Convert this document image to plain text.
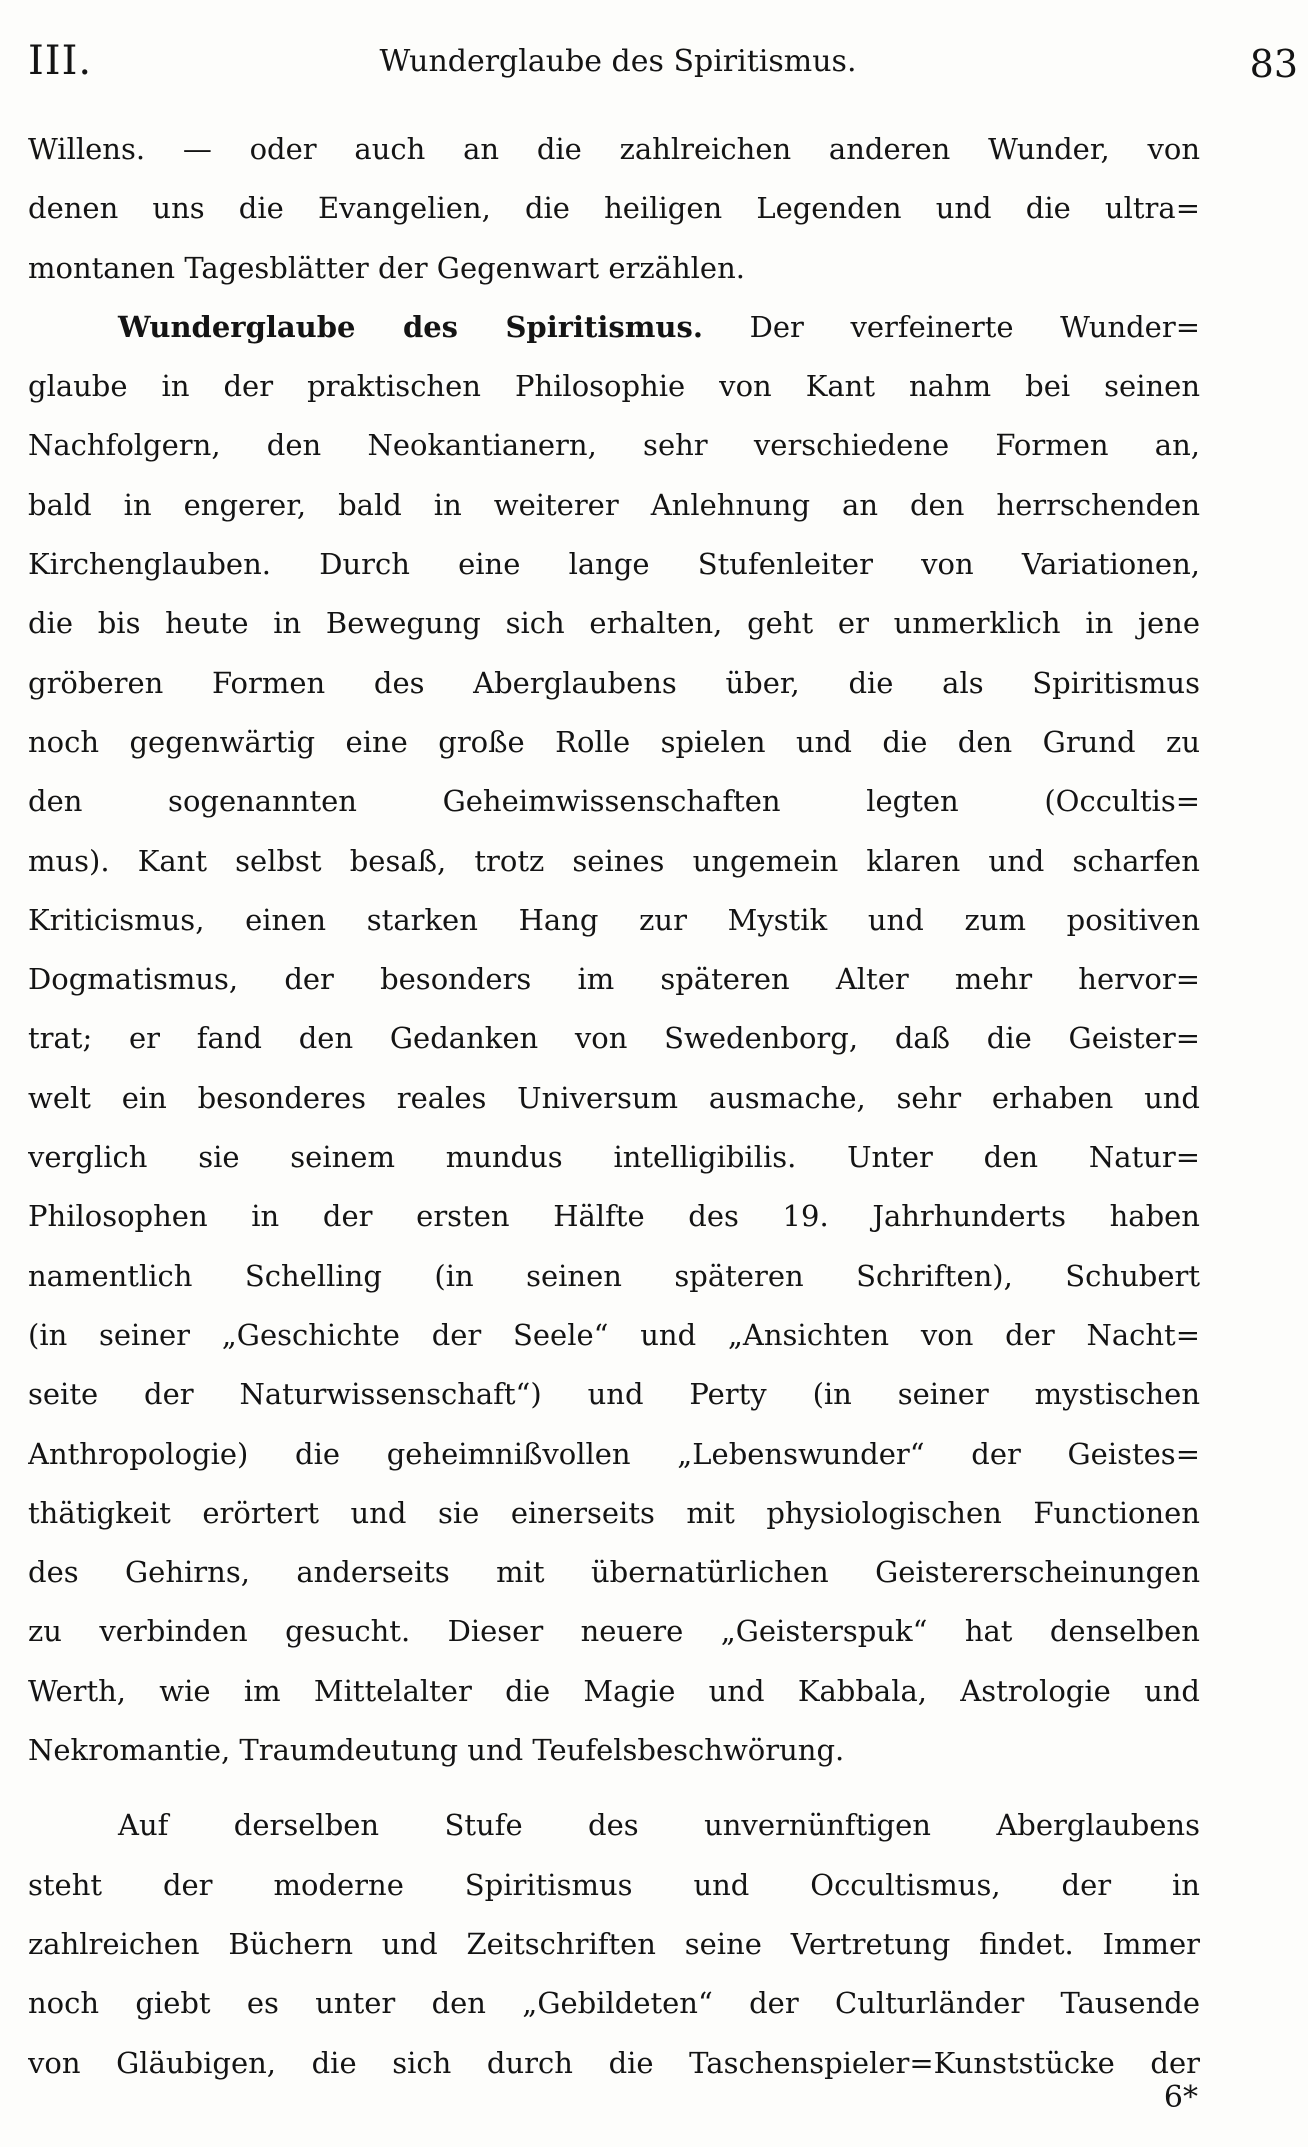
III.	Wunderglaube des Spiritismus.	83
Willens. — oder auch an die zahlreichen anderen Wunder, von
denen uns die Evangelien, die heiligen Legenden und die ultra=
montanen Tagesblätter der Gegenwart erzählen.
Wunderglaube des Spiritismus. Der verfeinerte Wunder=
glaube in der praktischen Philosophie von Kant nahm bei seinen
Nachfolgern, den Neokantianern, sehr verschiedene Formen an,
bald in engerer, bald in weiterer Anlehnung an den herrschenden
Kirchenglauben. Durch eine lange Stufenleiter von Variationen,
die bis heute in Bewegung sich erhalten, geht er unmerklich in jene
gröberen Formen des Aberglaubens über, die als Spiritismus
noch gegenwärtig eine große Rolle spielen und die den Grund zu
den sogenannten Geheimwissenschaften legten (Occultis=
mus). Kant selbst besaß, trotz seines ungemein klaren und scharfen
Kriticismus, einen starken Hang zur Mystik und zum positiven
Dogmatismus, der besonders im späteren Alter mehr hervor=
trat; er fand den Gedanken von Swedenborg, daß die Geister=
welt ein besonderes reales Universum ausmache, sehr erhaben und
verglich sie seinem mundus intelligibilis. Unter den Natur=
Philosophen in der ersten Hälfte des 19. Jahrhunderts haben
namentlich Schelling (in seinen späteren Schriften), Schubert
(in seiner „Geschichte der Seele“ und „Ansichten von der Nacht=
seite der Naturwissenschaft“) und Perty (in seiner mystischen
Anthropologie) die geheimnißvollen „Lebenswunder“ der Geistes=
thätigkeit erörtert und sie einerseits mit physiologischen Functionen
des Gehirns, anderseits mit übernatürlichen Geistererscheinungen
zu verbinden gesucht. Dieser neuere „Geisterspuk“ hat denselben
Werth, wie im Mittelalter die Magie und Kabbala, Astrologie und
Nekromantie, Traumdeutung und Teufelsbeschwörung.
Auf derselben Stufe des unvernünftigen Aberglaubens
steht der moderne Spiritismus und Occultismus, der in
zahlreichen Büchern und Zeitschriften seine Vertretung findet. Immer
noch giebt es unter den „Gebildeten“ der Culturländer Tausende
von Gläubigen, die sich durch die Taschenspieler=Kunststücke der
6*
